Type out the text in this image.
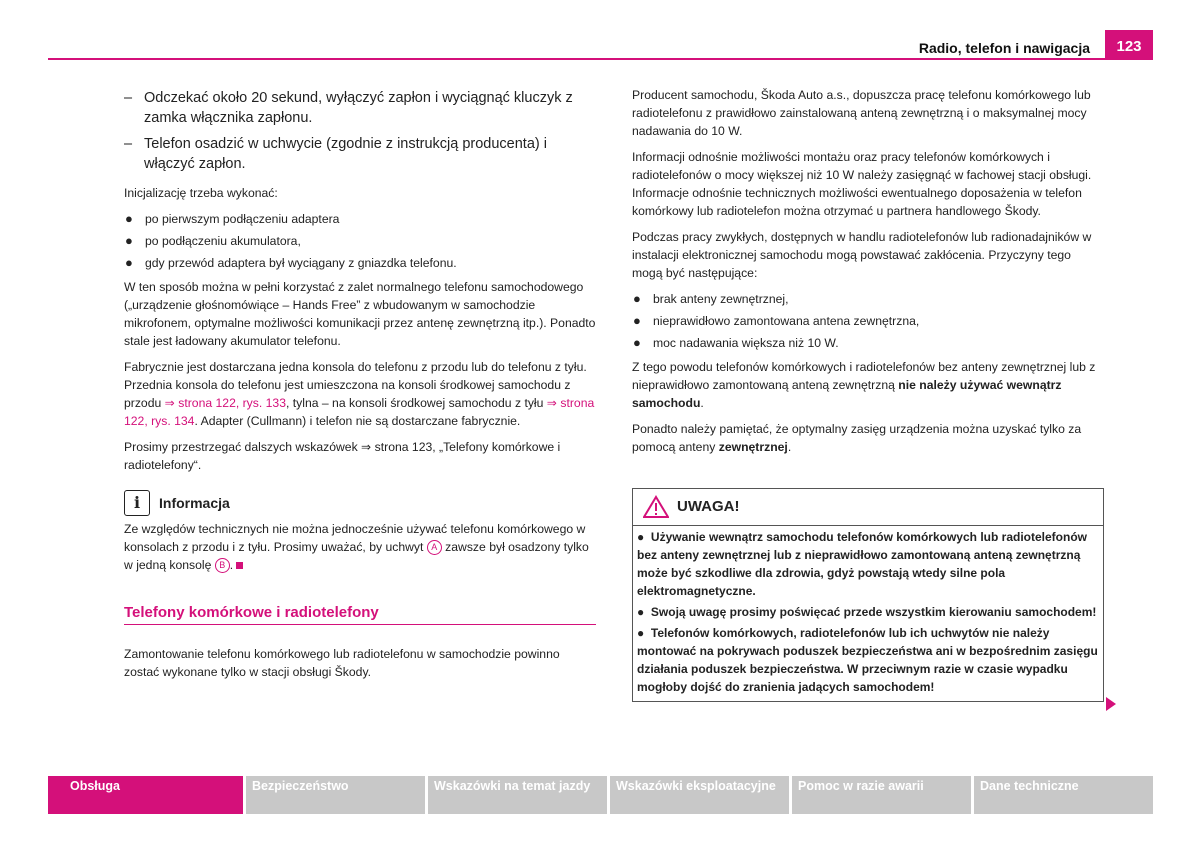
Radio, telefon i nawigacja	123
– Odczekać około 20 sekund, wyłączyć zapłon i wyciągnąć kluczyk z zamka włącznika zapłonu.
– Telefon osadzić w uchwycie (zgodnie z instrukcją producenta) i włączyć zapłon.

Inicjalizację trzeba wykonać:

● po pierwszym podłączeniu adaptera
● po podłączeniu akumulatora,
● gdy przewód adaptera był wyciągany z gniazdka telefonu.

W ten sposób można w pełni korzystać z zalet normalnego telefonu samochodowego („urządzenie głośnomówiące – Hands Free” z wbudowanym w samochodzie mikrofonem, optymalne możliwości komunikacji przez antenę zewnętrzną itp.). Ponadto stale jest ładowany akumulator telefonu.

Fabrycznie jest dostarczana jedna konsola do telefonu z przodu lub do telefonu z tyłu. Przednia konsola do telefonu jest umieszczona na konsoli środkowej samochodu z przodu ⇒ strona 122, rys. 133, tylna – na konsoli środkowej samochodu z tyłu ⇒ strona 122, rys. 134. Adapter (Cullmann) i telefon nie są dostarczane fabrycznie.

Prosimy przestrzegać dalszych wskazówek ⇒ strona 123, „Telefony komórkowe i radiotelefony“.

i	Informacja

Ze względów technicznych nie można jednocześnie używać telefonu komórkowego w konsolach z przodu i z tyłu. Prosimy uważać, by uchwyt A zawsze był osadzony tylko w jedną konsolę B .

Telefony komórkowe i radiotelefony

Zamontowanie telefonu komórkowego lub radiotelefonu w samochodzie powinno zostać wykonane tylko w stacji obsługi Škody.

Producent samochodu, Škoda Auto a.s., dopuszcza pracę telefonu komórkowego lub radiotelefonu z prawidłowo zainstalowaną anteną zewnętrzną i o maksymalnej mocy nadawania do 10 W.

Informacji odnośnie możliwości montażu oraz pracy telefonów komórkowych i radiotelefonów o mocy większej niż 10 W należy zasięgnąć w fachowej stacji obsługi. Informacje odnośnie technicznych możliwości ewentualnego doposażenia w telefon komórkowy lub radiotelefon można otrzymać u partnera handlowego Škody.

Podczas pracy zwykłych, dostępnych w handlu radiotelefonów lub radionadajników w instalacji elektronicznej samochodu mogą powstawać zakłócenia. Przyczyny tego mogą być następujące:

● brak anteny zewnętrznej,
● nieprawidłowo zamontowana antena zewnętrzna,
● moc nadawania większa niż 10 W.

Z tego powodu telefonów komórkowych i radiotelefonów bez anteny zewnętrznej lub z nieprawidłowo zamontowaną anteną zewnętrzną nie należy używać wewnątrz samochodu.

Ponadto należy pamiętać, że optymalny zasięg urządzenia można uzyskać tylko za pomocą anteny zewnętrznej.

UWAGA!

●  Używanie wewnątrz samochodu telefonów komórkowych lub radiotelefonów bez anteny zewnętrznej lub z nieprawidłowo zamontowaną anteną zewnętrzną może być szkodliwe dla zdrowia, gdyż powstają wtedy silne pola elektromagnetyczne.

●  Swoją uwagę prosimy poświęcać przede wszystkim kierowaniu samochodem!

●  Telefonów komórkowych, radiotelefonów lub ich uchwytów nie należy montować na pokrywach poduszek bezpieczeństwa ani w bezpośrednim zasięgu działania poduszek bezpieczeństwa. W przeciwnym razie w czasie wypadku mogłoby dojść do zranienia jadących samochodem!

Obsługa	Bezpieczeństwo	Wskazówki na temat jazdy	Wskazówki eksploatacyjne	Pomoc w razie awarii	Dane techniczne
